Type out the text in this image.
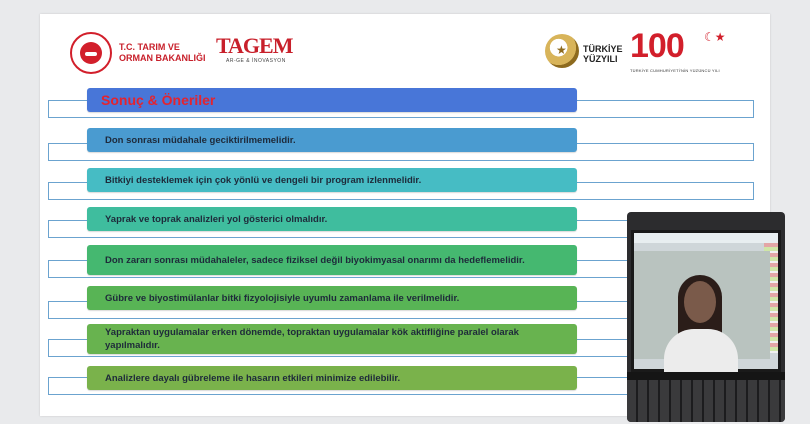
T.C. TARIM VE
ORMAN BAKANLIĞI TAGEM
AR-GE & İNOVASYON
★ TÜRKİYE
YÜZYILI 100	☾★
TÜRKİYE CUMHURİYETİ'NİN YÜZÜNCÜ YILI
Sonuç & Öneriler
Don sonrası müdahale geciktirilmemelidir.
Bitkiyi desteklemek için çok yönlü ve dengeli bir program izlenmelidir.
Yaprak ve toprak analizleri yol gösterici olmalıdır.
Don zararı sonrası müdahaleler, sadece fiziksel değil biyokimyasal onarımı da hedeflemelidir.
Gübre ve biyostimülanlar bitki fizyolojisiyle uyumlu zamanlama ile verilmelidir.
Yapraktan uygulamalar erken dönemde, topraktan uygulamalar kök aktifliğine paralel olarak yapılmalıdır.
Analizlere dayalı gübreleme ile hasarın etkileri minimize edilebilir.
